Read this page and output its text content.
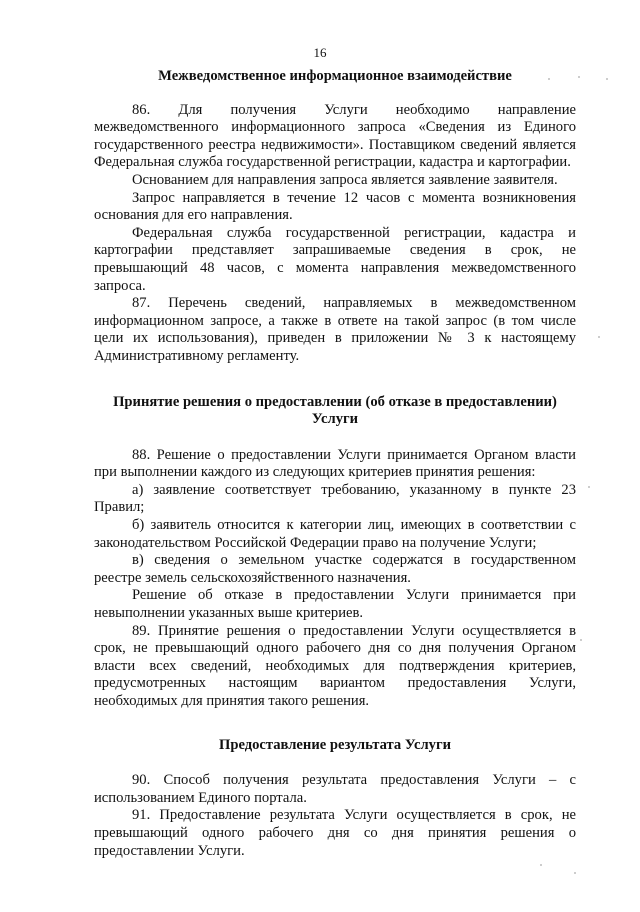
16
Межведомственное информационное взаимодействие

86. Для получения Услуги необходимо направление межведомственного информационного запроса «Сведения из Единого государственного реестра недвижимости». Поставщиком сведений является Федеральная служба государственной регистрации, кадастра и картографии.

Основанием для направления запроса является заявление заявителя.

Запрос направляется в течение 12 часов с момента возникновения основания для его направления.

Федеральная служба государственной регистрации, кадастра и картографии представляет запрашиваемые сведения в срок, не превышающий 48 часов, с момента направления межведомственного запроса.

87. Перечень сведений, направляемых в межведомственном информационном запросе, а также в ответе на такой запрос (в том числе цели их использования), приведен в приложении № 3 к настоящему Административному регламенту.

Принятие решения о предоставлении (об отказе в предоставлении) Услуги

88. Решение о предоставлении Услуги принимается Органом власти при выполнении каждого из следующих критериев принятия решения:

а) заявление соответствует требованию, указанному в пункте 23 Правил;

б) заявитель относится к категории лиц, имеющих в соответствии с законодательством Российской Федерации право на получение Услуги;

в) сведения о земельном участке содержатся в государственном реестре земель сельскохозяйственного назначения.

Решение об отказе в предоставлении Услуги принимается при невыполнении указанных выше критериев.

89. Принятие решения о предоставлении Услуги осуществляется в срок, не превышающий одного рабочего дня со дня получения Органом власти всех сведений, необходимых для подтверждения критериев, предусмотренных настоящим вариантом предоставления Услуги, необходимых для принятия такого решения.

Предоставление результата Услуги

90. Способ получения результата предоставления Услуги – с использованием Единого портала.

91. Предоставление результата Услуги осуществляется в срок, не превышающий одного рабочего дня со дня принятия решения о предоставлении Услуги.
